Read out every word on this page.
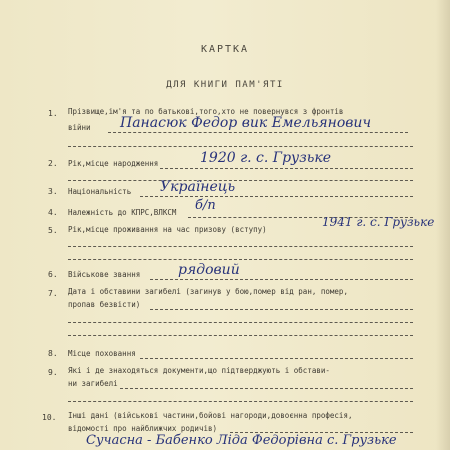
КАРТКА
ДЛЯ КНИГИ ПАМ'ЯТІ
1. Прізвище,ім'я та по батькові,того,хто не повернувся з фронтів
війни Панасюк Федор вик Емельянович
2. Рік,місце народження	1920 г. с. Грузьке
3. Національність Українець
4. Належність до КПРС,ВЛКСМ б/п
5. Рік,місце проживання на час призову (вступу)
1941 г. с. Грузьке
6. Військове звання	рядовий
7. Дата і обставини загибелі (загинув у бою,помер від ран, помер,
пропав безвісти)
8. Місце поховання
9. Які і де знаходяться документи,що підтверджують і обстави-
ни загибелі
10. Інші дані (військові частини,бойові нагороди,довоєнна професія,
відомості про найближчих родичів)
Сучасна - Бабенко Ліда Федорівна с. Грузьке
